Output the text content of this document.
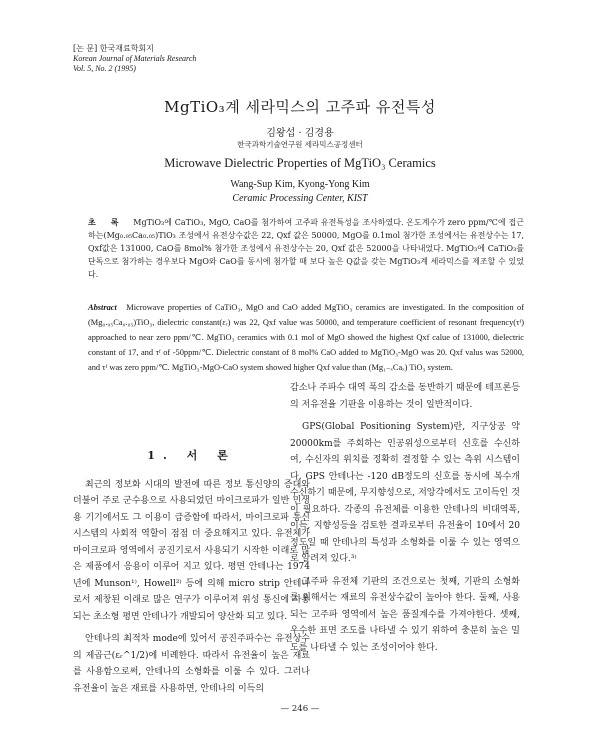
[논 문] 한국재료학회지
Korean Journal of Materials Research
Vol. 5, No. 2 (1995)
MgTiO₃계 세라믹스의 고주파 유전특성
김왕섭 · 김경용
한국과학기술연구원 세라믹스공정센터
Microwave Dielectric Properties of MgTiO₃ Ceramics
Wang-Sup Kim, Kyong-Yong Kim
Ceramic Processing Center, KIST
초 록 MgTiO₃에 CaTiO₃, MgO, CaO를 첨가하여 고주파 유전특성을 조사하였다. 온도계수가 zero ppm/℃에 접근하는(Mg₀.₉₅Ca₀.₀₅)TiO₃ 조성에서 유전상수값은 22, Qxf 값은 50000, MgO를 0.1mol 첨가한 조성에서는 유전상수는 17, Qxf값은 131000, CaO를 8mol% 첨가한 조성에서 유전상수는 20, Qxf 값은 52000을 나타내었다. MgTiO₃에 CaTiO₃를 단독으로 첨가하는 경우보다 MgO와 CaO를 동시에 첨가할 때 보다 높은 Q값을 갖는 MgTiO₃계 세라믹스를 제조할 수 있었다.
Abstract Microwave properties of CaTiO₃, MgO and CaO added MgTiO₃ ceramics are investigated. In the composition of (Mg₀.₉₅Ca₀.₀₅)TiO₃, dielectric constant(εᵣ) was 22, Qxf value was 50000, and temperature coefficient of resonant frequency(τᶠ) approached to near zero ppm/℃. MgTiO₃ ceramics with 0.1 mol of MgO showed the highest Qxf calue of 131000, dielectric constant of 17, and τᶠ of -50ppm/℃. Dielectric constant of 8 mol% CaO added to MgTiO₃-MgO was 20. Qxf valus was 52000, and τᶠ was zero ppm/℃. MgTiO₃-MgO-CaO system showed higher Qxf value than (Mg₁₋ₓCaₓ) TiO₃ system.
1. 서 론

최근의 정보화 시대의 발전에 따른 정보 통신양의 증대와 더불어 주로 군수용으로 사용되었던 마이크로파가 일반 민생용 기기에서도 그 이용이 급증함에 따라서, 마이크로파 통신시스템의 사회적 역할이 점점 더 중요해지고 있다. 유전체가 마이크로파 영역에서 공진기로서 사용되기 시작한 이래로 많은 제품에서 응용이 이루어 지고 있다. 평면 안테나는 1974년에 Munson¹⁾, Howell²⁾ 등에 의해 micro strip 안테나로서 제창된 이래로 많은 연구가 이루어져 위성 통신에 사용되는 초소형 평면 안테나가 개발되어 양산화 되고 있다.

안테나의 최적차 mode에 있어서 공진주파수는 유전상수의 제곱근(εᵣ^1/2)에 비례한다. 따라서 유전율이 높은 재료를 사용함으로써, 안테나의 소형화를 이룰 수 있다. 그러나 유전율이 높은 재료를 사용하면, 안테나의 이득의

감소나 주파수 대역 폭의 감소를 동반하기 때문에 테프론등의 저유전율 기판을 이용하는 것이 일반적이다.

GPS(Global Positioning System)란, 지구상공 약 20000km를 주회하는 인공위성으로부터 신호를 수신하여, 수신자의 위치를 정확히 결정할 수 있는 측위 시스템이다. GPS 안테나는 -120 dB정도의 신호를 동시에 복수개 수신하기 때문에, 무지향성으로, 저앙각에서도 고이득인 것이 필요하다. 각종의 유전체를 이용한 안테나의 비대역폭, 이득, 지향성등을 검토한 결과로부터 유전율이 10에서 20 정도일 때 안테나의 특성과 소형화를 이룰 수 있는 영역으로 알려져 있다.³⁾

고주파 유전체 기판의 조건으로는 첫째, 기판의 소형화를 위해서는 재료의 유전상수값이 높아야 한다. 둘째, 사용되는 고주파 영역에서 높은 품질계수를 가져야한다. 셋째, 우수한 표면 조도를 나타낼 수 있기 위하여 충분히 높은 밀도를 나타낼 수 있는 조성이어야 한다.

— 246 —
